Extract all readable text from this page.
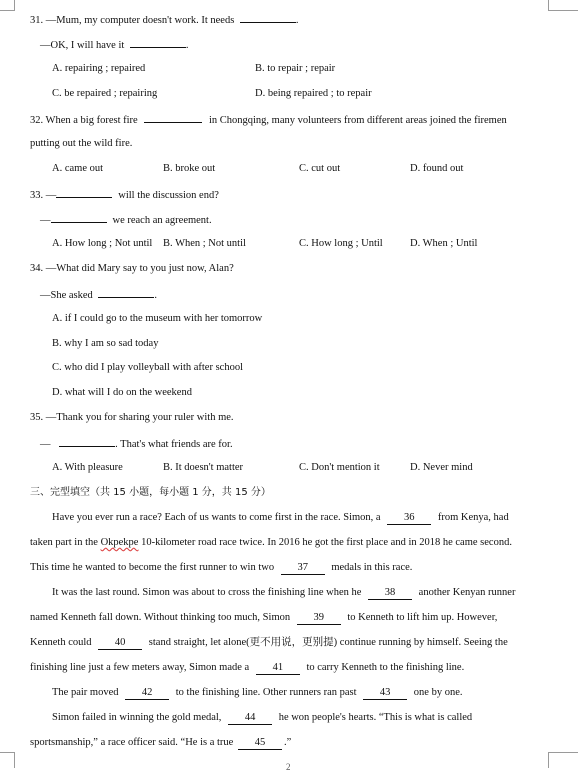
31. —Mum, my computer doesn't work. It needs	.
—OK, I will have it	.
A. repairing ; repaired	B. to repair ; repair
C. be repaired ; repairing	D. being repaired ; to repair
32. When a big forest fire	in Chongqing, many volunteers from different areas joined the firemen
putting out the wild fire.
A. came out	B. broke out	C. cut out	D. found out
33. —	will the discussion end?
—	we reach an agreement.
A. How long ; Not until B. When ; Not until	C. How long ; Until	D. When ; Until
34. —What did Mary say to you just now, Alan?
—She asked	.
A. if I could go to the museum with her tomorrow
B. why I am so sad today
C. who did I play volleyball with after school
D. what will I do on the weekend
35. —Thank you for sharing your ruler with me.
—	. That's what friends are for.
A. With pleasure	B. It doesn't matter	C. Don't mention it	D. Never mind
三、完型填空（共 15 小题，每小题 1 分，共 15 分）
Have you ever run a race? Each of us wants to come first in the race. Simon, a 36 from Kenya, had
taken part in the Okpekpe 10-kilometer road race twice. In 2016 he got the first place and in 2018 he came second.
This time he wanted to become the first runner to win two 37 medals in this race.
It was the last round. Simon was about to cross the finishing line when he 38 another Kenyan runner
named Kenneth fall down. Without thinking too much, Simon 39 to Kenneth to lift him up. However,
Kenneth could 40 stand straight, let alone(更不用说，更别提) continue running by himself. Seeing the
finishing line just a few meters away, Simon made a 41 to carry Kenneth to the finishing line.
The pair moved 42 to the finishing line. Other runners ran past 43 one by one.
Simon failed in winning the gold medal, 44 he won people's hearts. “This is what is called
sportsmanship,” a race officer said. “He is a true 45 .”
2
